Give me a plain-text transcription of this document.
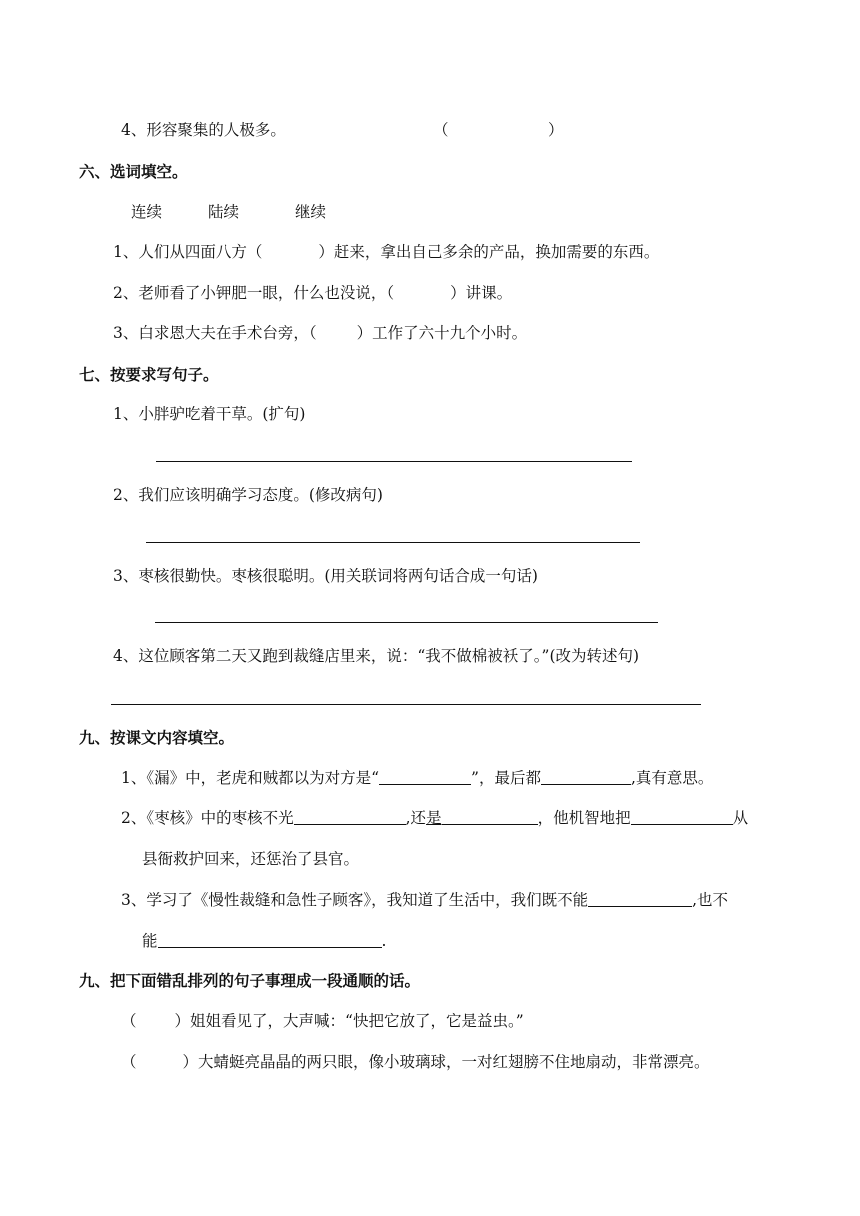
4、形容聚集的人极多。	（	）
六、选词填空。
连续	陆续	继续
1、人们从四面八方（	）赶来，拿出自己多余的产品，换加需要的东西。
2、老师看了小钾肥一眼，什么也没说，（	）讲课。
3、白求恩大夫在手术台旁，（	）工作了六十九个小时。
七、按要求写句子。
1、小胖驴吃着干草。(扩句)
2、我们应该明确学习态度。(修改病句)
3、枣核很勤快。枣核很聪明。(用关联词将两句话合成一句话)
4、这位顾客第二天又跑到裁缝店里来，说：“我不做棉被袄了。”(改为转述句)
九、按课文内容填空。
1、《漏》中，老虎和贼都以为对方是“	”，最后都	,真有意思。
2、《枣核》中的枣核不光	,还是	，他机智地把	从
县衙救护回来，还惩治了县官。
3、学习了《慢性裁缝和急性子顾客》，我知道了生活中，我们既不能	,也不
能	.
九、把下面错乱排列的句子事理成一段通顺的话。
（ ）姐姐看见了，大声喊：“快把它放了，它是益虫。”
（	）大蜻蜓亮晶晶的两只眼，像小玻璃球，一对红翅膀不住地扇动，非常漂亮。
